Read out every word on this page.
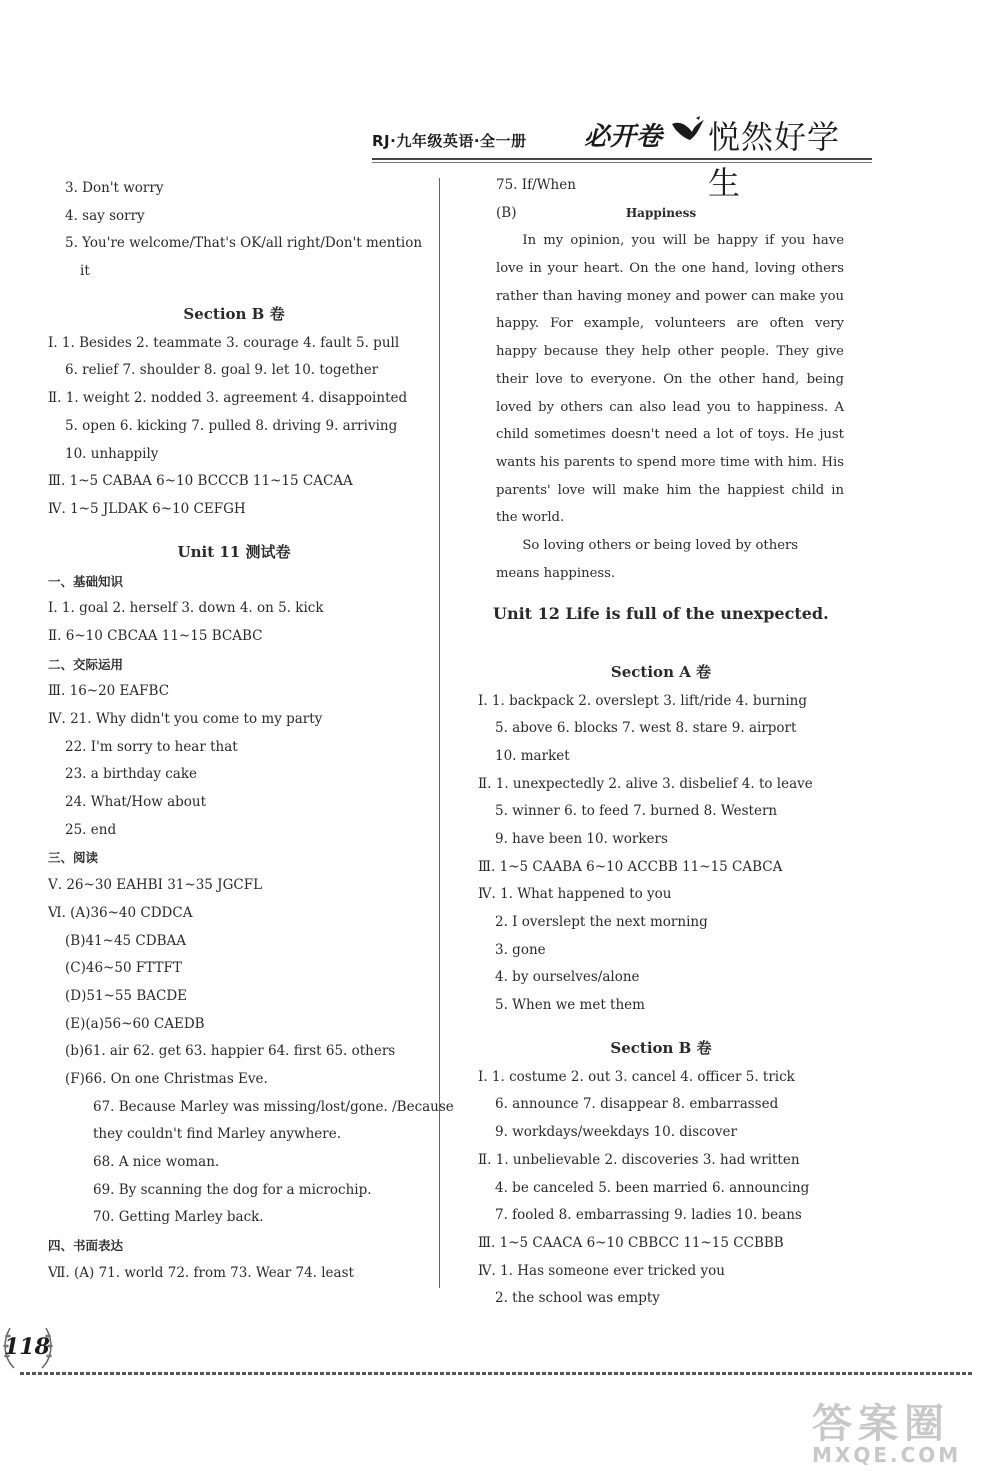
RJ·九年级英语·全一册 必开卷 悦然好学生
3. Don't worry
4. say sorry
5. You're welcome/That's OK/all right/Don't mention
it
Section B 卷
Ⅰ. 1. Besides 2. teammate 3. courage 4. fault 5. pull
6. relief 7. shoulder 8. goal 9. let 10. together
Ⅱ. 1. weight 2. nodded 3. agreement 4. disappointed
5. open 6. kicking 7. pulled 8. driving 9. arriving
10. unhappily
Ⅲ. 1~5 CABAA 6~10 BCCCB 11~15 CACAA
Ⅳ. 1~5 JLDAK 6~10 CEFGH
Unit 11 测试卷
一、基础知识
Ⅰ. 1. goal 2. herself 3. down 4. on 5. kick
Ⅱ. 6~10 CBCAA 11~15 BCABC
二、交际运用
Ⅲ. 16~20 EAFBC
Ⅳ. 21. Why didn't you come to my party
22. I'm sorry to hear that
23. a birthday cake
24. What/How about
25. end
三、阅读
Ⅴ. 26~30 EAHBI 31~35 JGCFL
Ⅵ. (A)36~40 CDDCA
(B)41~45 CDBAA
(C)46~50 FTTFT
(D)51~55 BACDE
(E)(a)56~60 CAEDB
(b)61. air 62. get 63. happier 64. first 65. others
(F)66. On one Christmas Eve.
67. Because Marley was missing/lost/gone. /Because
they couldn't find Marley anywhere.
68. A nice woman.
69. By scanning the dog for a microchip.
70. Getting Marley back.
四、书面表达
Ⅶ. (A) 71. world 72. from 73. Wear 74. least
75. If/When
(B)	Happiness
In my opinion, you will be happy if you have love in your heart. On the one hand, loving others rather than having money and power can make you happy. For example, volunteers are often very happy because they help other people. They give their love to everyone. On the other hand, being loved by others can also lead you to happiness. A child sometimes doesn't need a lot of toys. He just wants his parents to spend more time with him. His parents' love will make him the happiest child in the world.
So loving others or being loved by others means happiness.
Unit 12 Life is full of the unexpected.
Section A 卷
Ⅰ. 1. backpack 2. overslept 3. lift/ride 4. burning
5. above 6. blocks 7. west 8. stare 9. airport
10. market
Ⅱ. 1. unexpectedly 2. alive 3. disbelief 4. to leave
5. winner 6. to feed 7. burned 8. Western
9. have been 10. workers
Ⅲ. 1~5 CAABA 6~10 ACCBB 11~15 CABCA
Ⅳ. 1. What happened to you
2. I overslept the next morning
3. gone
4. by ourselves/alone
5. When we met them
Section B 卷
Ⅰ. 1. costume 2. out 3. cancel 4. officer 5. trick
6. announce 7. disappear 8. embarrassed
9. workdays/weekdays 10. discover
Ⅱ. 1. unbelievable 2. discoveries 3. had written
4. be canceled 5. been married 6. announcing
7. fooled 8. embarrassing 9. ladies 10. beans
Ⅲ. 1~5 CAACA 6~10 CBBCC 11~15 CCBBB
Ⅳ. 1. Has someone ever tricked you
2. the school was empty
118
答案圈
MXQE.COM
